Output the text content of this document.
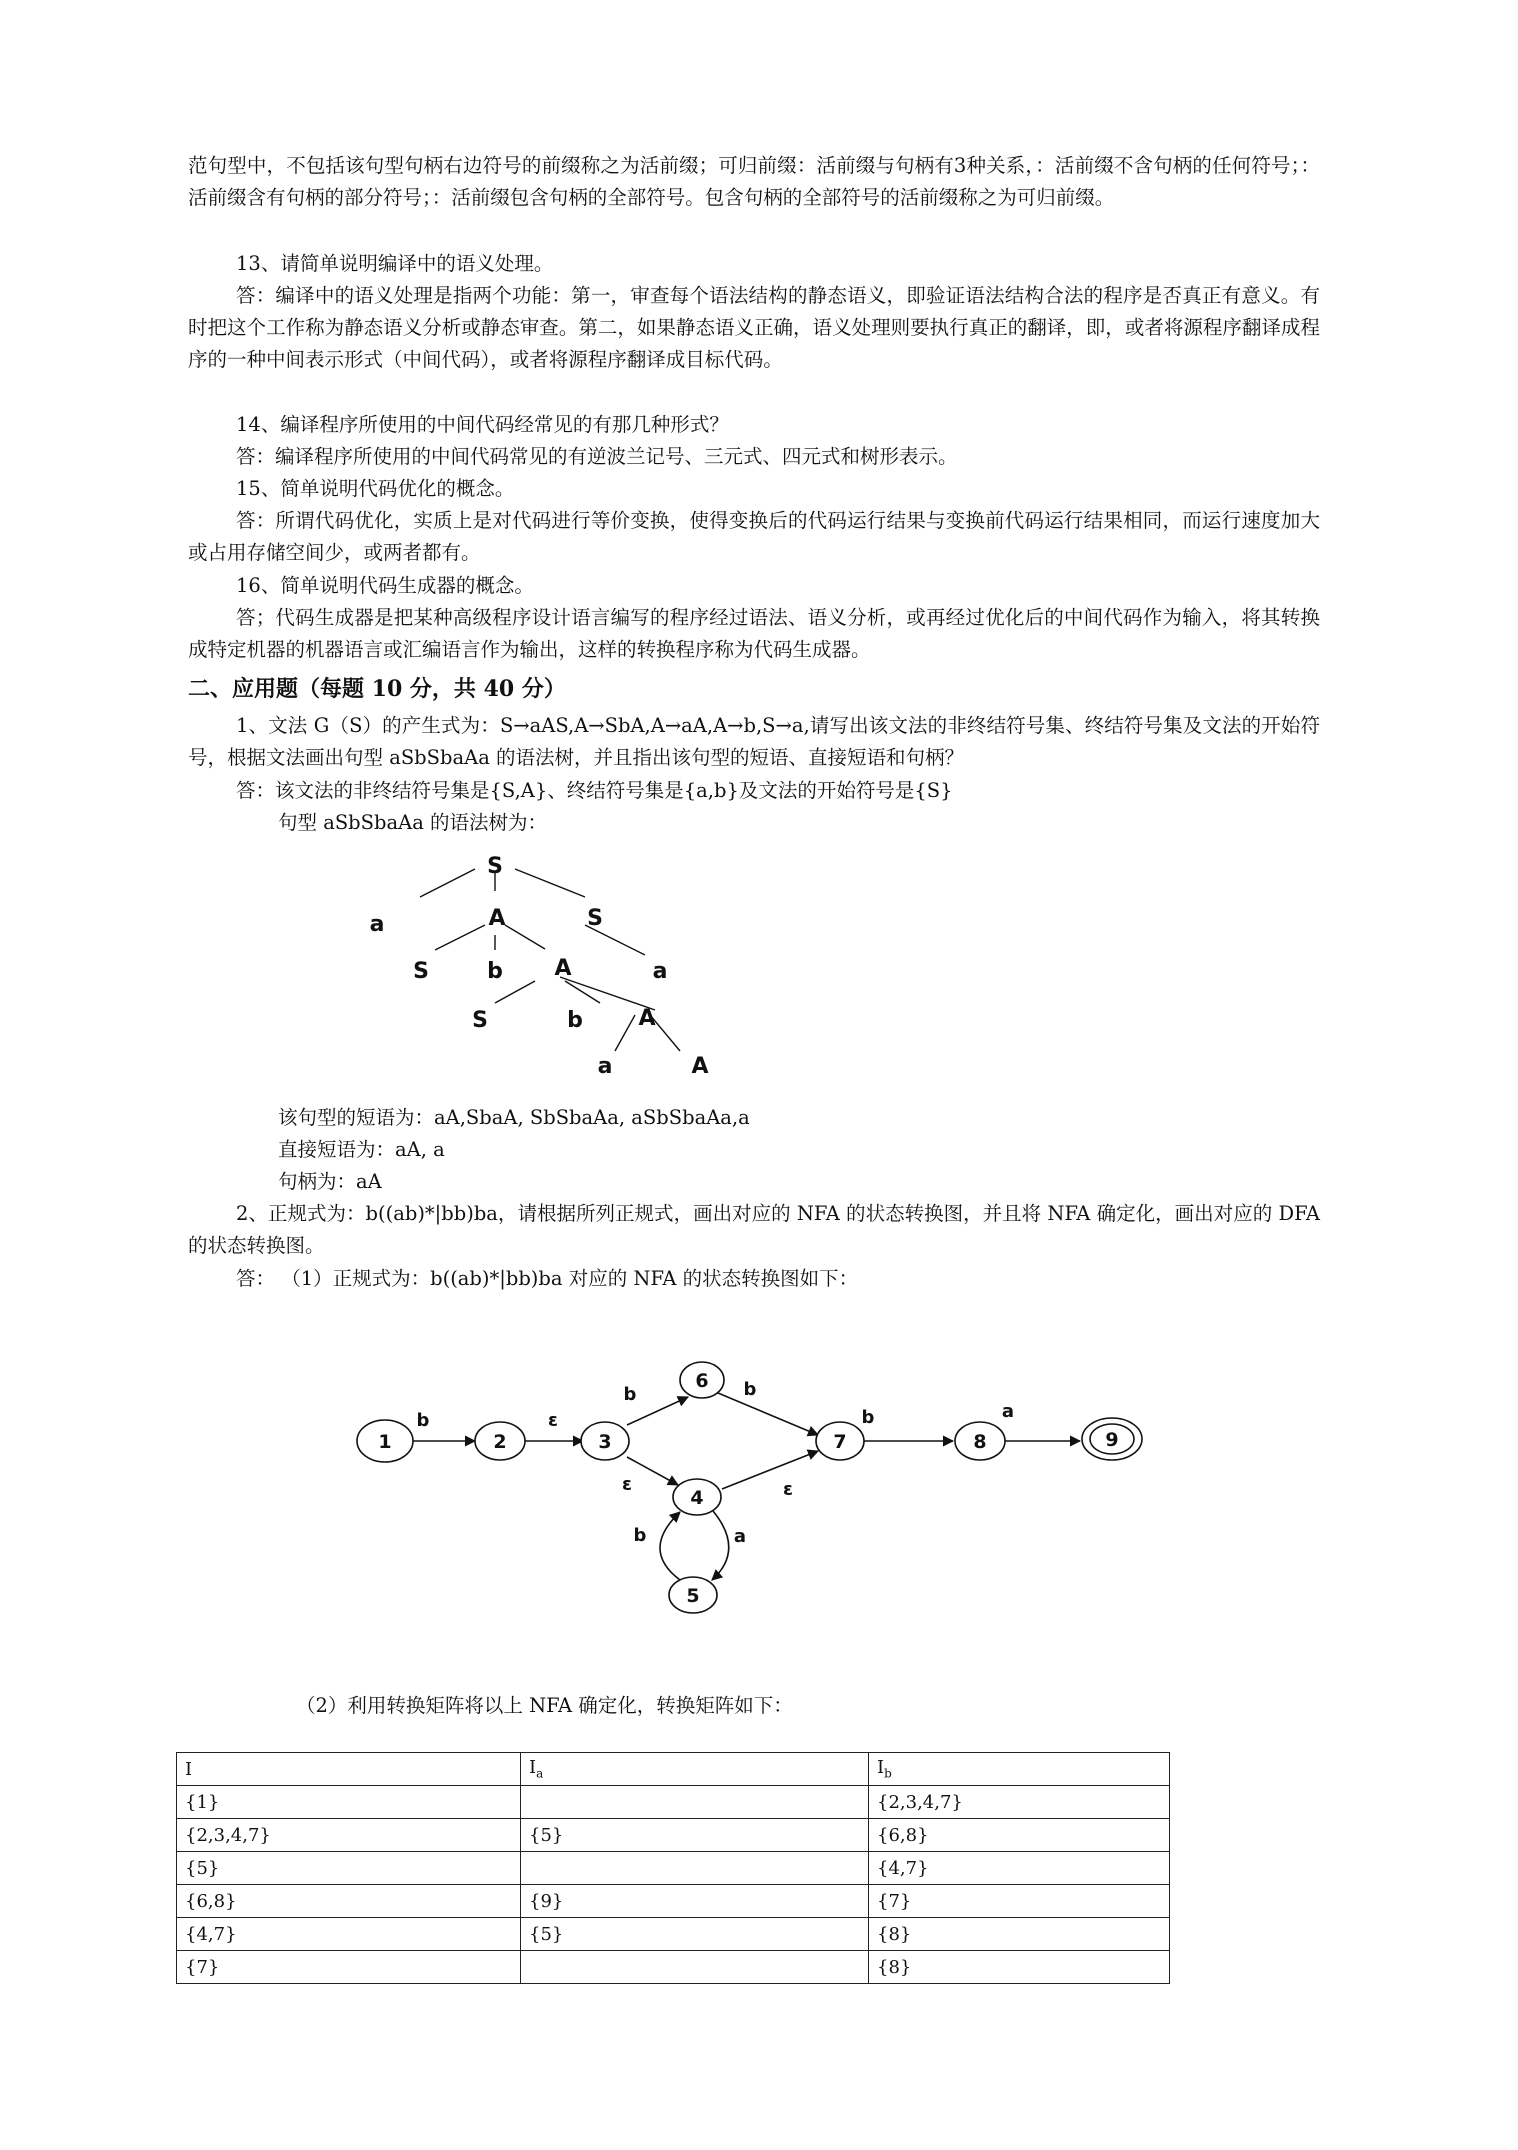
范句型中，不包括该句型句柄右边符号的前缀称之为活前缀；可归前缀：活前缀与句柄有3种关系，：活前缀不含句柄的任何符号；：活前缀含有句柄的部分符号；：活前缀包含句柄的全部符号。包含句柄的全部符号的活前缀称之为可归前缀。
13、请简单说明编译中的语义处理。
答：编译中的语义处理是指两个功能：第一，审查每个语法结构的静态语义，即验证语法结构合法的程序是否真正有意义。有时把这个工作称为静态语义分析或静态审查。第二，如果静态语义正确，语义处理则要执行真正的翻译，即，或者将源程序翻译成程序的一种中间表示形式（中间代码），或者将源程序翻译成目标代码。
14、编译程序所使用的中间代码经常见的有那几种形式？
答：编译程序所使用的中间代码常见的有逆波兰记号、三元式、四元式和树形表示。
15、简单说明代码优化的概念。
答：所谓代码优化，实质上是对代码进行等价变换，使得变换后的代码运行结果与变换前代码运行结果相同，而运行速度加大或占用存储空间少，或两者都有。
16、简单说明代码生成器的概念。
答；代码生成器是把某种高级程序设计语言编写的程序经过语法、语义分析，或再经过优化后的中间代码作为输入，将其转换成特定机器的机器语言或汇编语言作为输出，这样的转换程序称为代码生成器。
二、应用题（每题 10 分，共 40 分）
1、文法 G（S）的产生式为：S→aAS,A→SbA,A→aA,A→b,S→a,请写出该文法的非终结符号集、终结符号集及文法的开始符号，根据文法画出句型 aSbSbaAa 的语法树，并且指出该句型的短语、直接短语和句柄？
答：该文法的非终结符号集是{S,A}、终结符号集是{a,b}及文法的开始符号是{S}
句型 aSbSbaAa 的语法树为：
S
a	A	S
S	b A	a
S	b	A
a	A
该句型的短语为：aA,SbaA, SbSbaAa, aSbSbaAa,a
直接短语为：aA, a
句柄为：aA
2、正规式为：b((ab)*|bb)ba，请根据所列正规式，画出对应的 NFA 的状态转换图，并且将 NFA 确定化，画出对应的 DFA 的状态转换图。
答： （1）正规式为：b((ab)*|bb)ba 对应的 NFA 的状态转换图如下：
1	2	3
4
5
6
7	8	9
b	ε
b	b
ε	ε
a
b
b	a
（2）利用转换矩阵将以上 NFA 确定化，转换矩阵如下：
I	$I_a$	$I_b$
{1}		{2,3,4,7}
{2,3,4,7}	{5}	{6,8}
{5}		{4,7}
{6,8}	{9}	{7}
{4,7}	{5}	{8}
{7}		{8}
